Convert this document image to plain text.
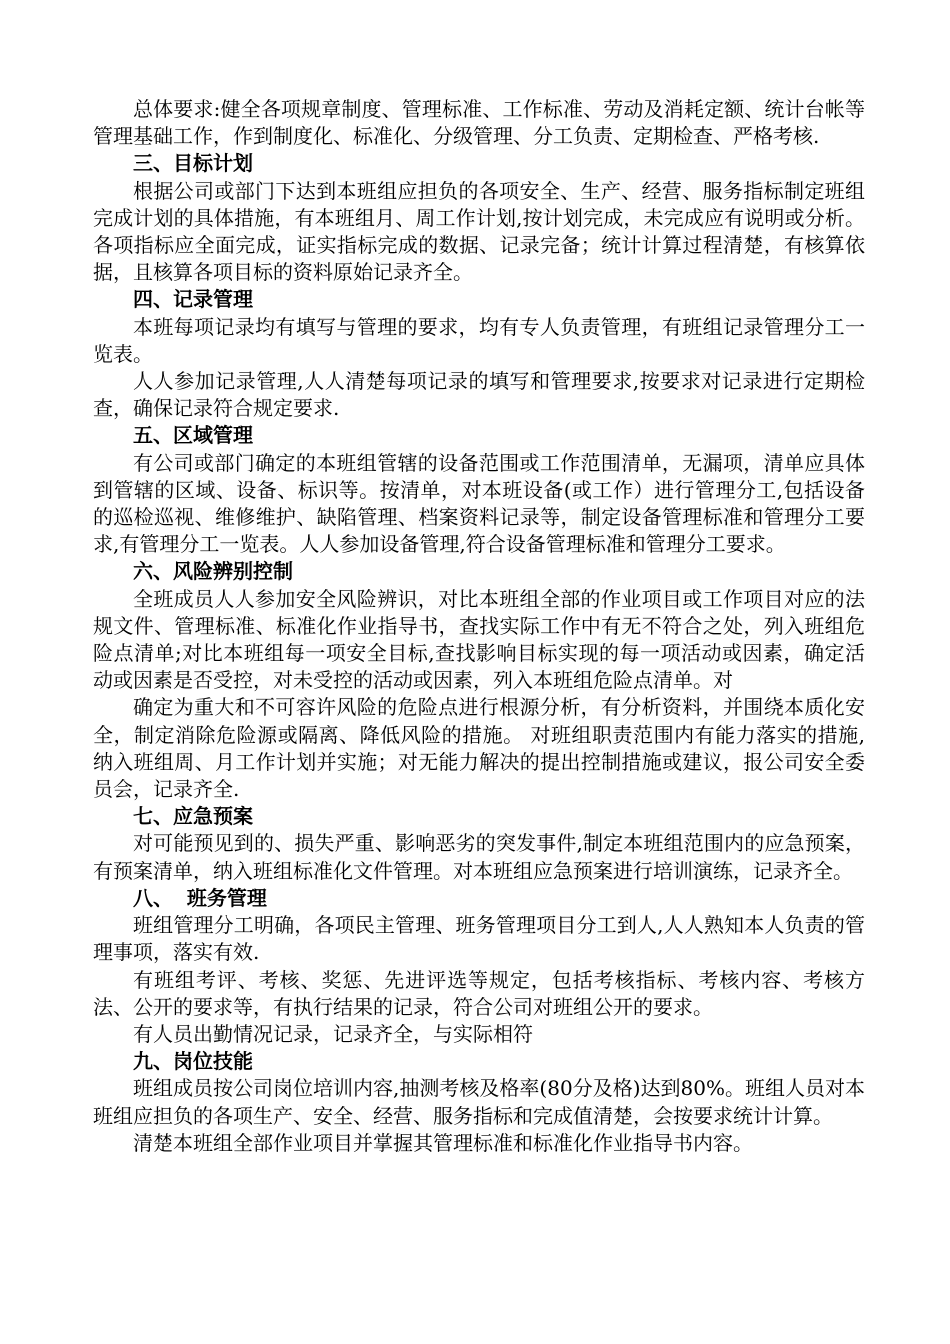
总体要求:健全各项规章制度、管理标准、工作标准、劳动及消耗定额、统计台帐等管理基础工作，作到制度化、标准化、分级管理、分工负责、定期检查、严格考核.

三、目标计划

根据公司或部门下达到本班组应担负的各项安全、生产、经营、服务指标制定班组完成计划的具体措施，有本班组月、周工作计划,按计划完成，未完成应有说明或分析。各项指标应全面完成，证实指标完成的数据、记录完备；统计计算过程清楚，有核算依据，且核算各项目标的资料原始记录齐全。

四、记录管理

本班每项记录均有填写与管理的要求，均有专人负责管理，有班组记录管理分工一览表。

人人参加记录管理,人人清楚每项记录的填写和管理要求,按要求对记录进行定期检查，确保记录符合规定要求.

五、区域管理

有公司或部门确定的本班组管辖的设备范围或工作范围清单，无漏项，清单应具体到管辖的区域、设备、标识等。按清单，对本班设备(或工作）进行管理分工,包括设备的巡检巡视、维修维护、缺陷管理、档案资料记录等，制定设备管理标准和管理分工要求,有管理分工一览表。人人参加设备管理,符合设备管理标准和管理分工要求。

六、风险辨别控制

全班成员人人参加安全风险辨识，对比本班组全部的作业项目或工作项目对应的法规文件、管理标准、标准化作业指导书，查找实际工作中有无不符合之处，列入班组危险点清单;对比本班组每一项安全目标,查找影响目标实现的每一项活动或因素，确定活动或因素是否受控，对未受控的活动或因素，列入本班组危险点清单。对

确定为重大和不可容许风险的危险点进行根源分析，有分析资料，并围绕本质化安全，制定消除危险源或隔离、降低风险的措施。 对班组职责范围内有能力落实的措施,纳入班组周、月工作计划并实施；对无能力解决的提出控制措施或建议，报公司安全委员会，记录齐全.

七、应急预案

对可能预见到的、损失严重、影响恶劣的突发事件,制定本班组范围内的应急预案，有预案清单，纳入班组标准化文件管理。对本班组应急预案进行培训演练，记录齐全。

八、  班务管理

班组管理分工明确，各项民主管理、班务管理项目分工到人,人人熟知本人负责的管理事项，落实有效.

有班组考评、考核、奖惩、先进评选等规定，包括考核指标、考核内容、考核方法、公开的要求等，有执行结果的记录，符合公司对班组公开的要求。

有人员出勤情况记录，记录齐全，与实际相符

九、岗位技能

班组成员按公司岗位培训内容,抽测考核及格率(80分及格)达到80%。班组人员对本班组应担负的各项生产、安全、经营、服务指标和完成值清楚，会按要求统计计算。

清楚本班组全部作业项目并掌握其管理标准和标准化作业指导书内容。
